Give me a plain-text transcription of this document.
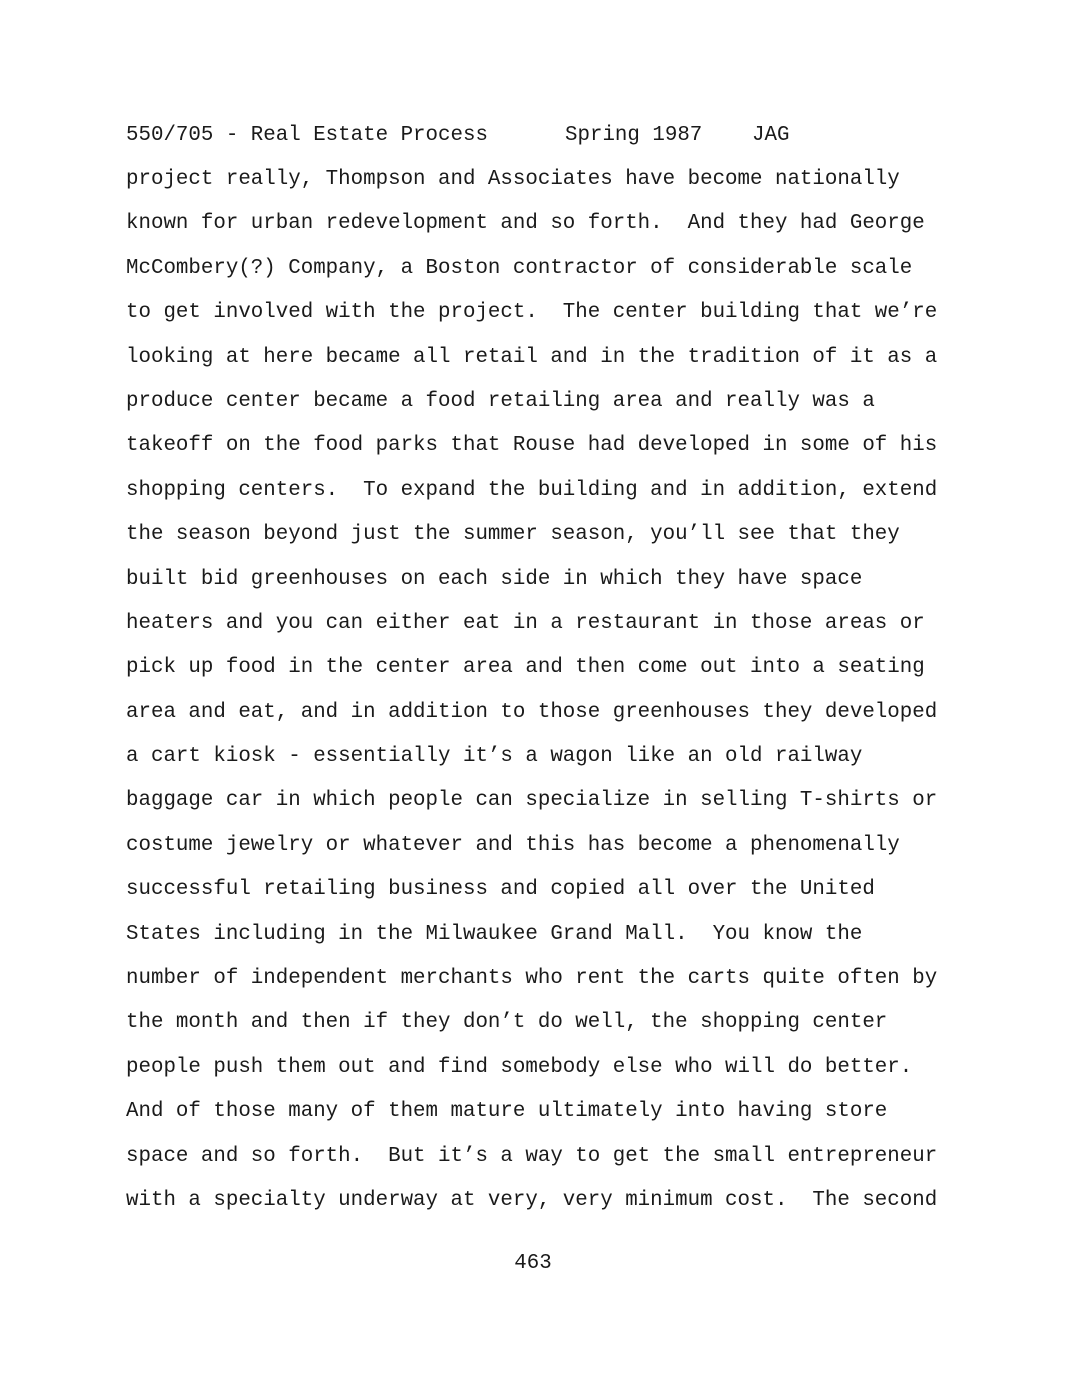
550/705 - Real Estate Process

	Spring 1987

JAG

project really, Thompson and Associates have become nationally
known for urban redevelopment and so forth.  And they had George
McCombery(?) Company, a Boston contractor of considerable scale
to get involved with the project.  The center building that we’re
looking at here became all retail and in the tradition of it as a
produce center became a food retailing area and really was a
takeoff on the food parks that Rouse had developed in some of his
shopping centers.  To expand the building and in addition, extend
the season beyond just the summer season, you’ll see that they
built bid greenhouses on each side in which they have space
heaters and you can either eat in a restaurant in those areas or
pick up food in the center area and then come out into a seating
area and eat, and in addition to those greenhouses they developed
a cart kiosk - essentially it’s a wagon like an old railway
baggage car in which people can specialize in selling T-shirts or
costume jewelry or whatever and this has become a phenomenally
successful retailing business and copied all over the United
States including in the Milwaukee Grand Mall.  You know the
number of independent merchants who rent the carts quite often by
the month and then if they don’t do well, the shopping center
people push them out and find somebody else who will do better.
And of those many of them mature ultimately into having store
space and so forth.  But it’s a way to get the small entrepreneur
with a specialty underway at very, very minimum cost.  The second
463
